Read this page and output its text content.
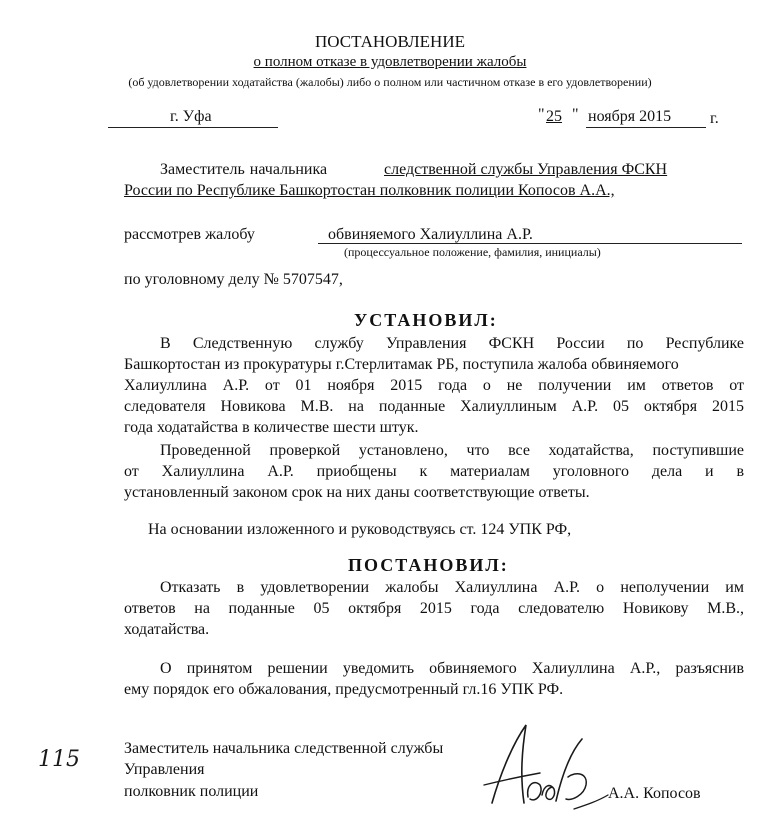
ПОСТАНОВЛЕНИЕ
о полном отказе в удовлетворении жалобы
(об удовлетворении ходатайства (жалобы) либо о полном или частичном отказе в его удовлетворении)
г. Уфа	" 25 " ноября 2015 г.
Заместитель начальника	следственной службы Управления ФСКН
России по Республике Башкортостан полковник полиции Копосов А.А.,
рассмотрев жалобу	обвиняемого Халиуллина А.Р.
(процессуальное положение, фамилия, инициалы)
по уголовному делу № 5707547,
УСТАНОВИЛ:
В Следственную службу Управления ФСКН России по Республике
Башкортостан из прокуратуры г.Стерлитамак РБ, поступила жалоба обвиняемого
Халиуллина А.Р. от 01 ноября 2015 года о не получении им ответов от
следователя Новикова М.В. на поданные Халиуллиным А.Р. 05 октября 2015
года ходатайства в количестве шести штук.
Проведенной проверкой установлено, что все ходатайства, поступившие
от Халиуллина А.Р. приобщены к материалам уголовного дела и в
установленный законом срок на них даны соответствующие ответы.
На основании изложенного и руководствуясь ст. 124 УПК РФ,
ПОСТАНОВИЛ:
Отказать в удовлетворении жалобы Халиуллина А.Р. о неполучении им
ответов на поданные 05 октября 2015 года следователю Новикову М.В.,
ходатайства.
О принятом решении уведомить обвиняемого Халиуллина А.Р., разъяснив
ему порядок его обжалования, предусмотренный гл.16 УПК РФ.
Заместитель начальника следственной службы
Управления
полковник полиции	А.А. Копосов
115
